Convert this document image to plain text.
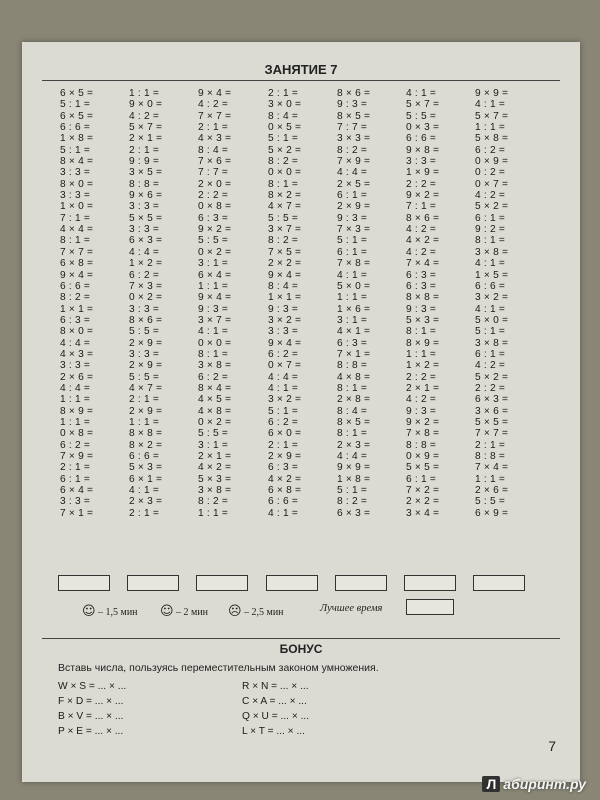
ЗАНЯТИЕ 7
6 × 5 =
5 : 1 =
6 × 5 =
6 : 6 =
1 × 8 =
5 : 1 =
8 × 4 =
3 : 3 =
8 × 0 =
3 : 3 =
1 × 0 =
7 : 1 =
4 × 4 =
8 : 1 =
7 × 7 =
6 × 8 =
9 × 4 =
6 : 6 =
8 : 2 =
1 × 1 =
6 : 3 =
8 × 0 =
4 : 4 =
4 × 3 =
3 : 3 =
2 × 6 =
4 : 4 =
1 : 1 =
8 × 9 =
1 : 1 =
0 × 8 =
6 : 2 =
7 × 9 =
2 : 1 =
6 : 1 =
6 × 4 =
3 : 3 =
7 × 1 =
1 : 1 =
9 × 0 =
4 : 2 =
5 × 7 =
2 × 1 =
2 : 1 =
9 : 9 =
3 × 5 =
8 : 8 =
9 × 6 =
3 : 3 =
5 × 5 =
3 : 3 =
6 × 3 =
4 : 4 =
1 × 2 =
6 : 2 =
7 × 3 =
0 × 2 =
3 : 3 =
8 × 6 =
5 : 5 =
2 × 9 =
3 : 3 =
2 × 9 =
5 : 5 =
4 × 7 =
2 : 1 =
2 × 9 =
1 : 1 =
8 × 8 =
8 × 2 =
6 : 6 =
5 × 3 =
6 × 1 =
4 : 1 =
2 × 3 =
2 : 1 =
9 × 4 =
4 : 2 =
7 × 7 =
2 : 1 =
4 × 3 =
8 : 4 =
7 × 6 =
7 : 7 =
2 × 0 =
2 : 2 =
0 × 8 =
6 : 3 =
9 × 2 =
5 : 5 =
0 × 2 =
3 : 1 =
6 × 4 =
1 : 1 =
9 × 4 =
9 : 3 =
3 × 7 =
4 : 1 =
0 × 0 =
8 : 1 =
3 × 8 =
6 : 2 =
8 × 4 =
4 × 5 =
4 × 8 =
0 × 2 =
5 : 5 =
3 : 1 =
2 × 1 =
4 × 2 =
5 × 3 =
3 × 8 =
8 : 2 =
1 : 1 =
2 : 1 =
3 × 0 =
8 : 4 =
0 × 5 =
5 : 1 =
5 × 2 =
8 : 2 =
0 × 0 =
8 : 1 =
8 × 2 =
4 × 7 =
5 : 5 =
3 × 7 =
8 : 2 =
7 × 5 =
2 × 2 =
9 × 4 =
8 : 4 =
1 × 1 =
9 : 3 =
3 × 2 =
3 : 3 =
9 × 4 =
6 : 2 =
0 × 7 =
4 : 4 =
4 : 1 =
3 × 2 =
5 : 1 =
6 : 2 =
6 × 0 =
2 : 1 =
2 × 9 =
6 : 3 =
4 × 2 =
6 × 8 =
6 : 6 =
4 : 1 =
8 × 6 =
9 : 3 =
8 × 5 =
7 : 7 =
3 × 3 =
8 : 2 =
7 × 9 =
4 : 4 =
2 × 5 =
6 : 1 =
2 × 9 =
9 : 3 =
7 × 3 =
5 : 1 =
6 : 1 =
7 × 8 =
4 : 1 =
5 × 0 =
1 : 1 =
1 × 6 =
3 : 1 =
4 × 1 =
6 : 3 =
7 × 1 =
8 : 8 =
4 × 8 =
8 : 1 =
2 × 8 =
8 : 4 =
8 × 5 =
8 : 1 =
2 × 3 =
4 : 4 =
9 × 9 =
1 × 8 =
5 : 1 =
8 : 2 =
6 × 3 =
4 : 1 =
5 × 7 =
5 : 5 =
0 × 3 =
6 : 6 =
9 × 8 =
3 : 3 =
1 × 9 =
2 : 2 =
9 × 2 =
7 : 1 =
8 × 6 =
4 : 2 =
4 × 2 =
4 : 2 =
7 × 4 =
6 : 3 =
6 : 3 =
8 × 8 =
9 : 3 =
5 × 3 =
8 : 1 =
8 × 9 =
1 : 1 =
1 × 2 =
2 : 2 =
2 × 1 =
4 : 2 =
9 : 3 =
9 × 2 =
7 × 8 =
8 : 8 =
0 × 9 =
5 × 5 =
6 : 1 =
7 × 2 =
2 × 2 =
3 × 4 =
9 × 9 =
4 : 1 =
5 × 7 =
1 : 1 =
5 × 8 =
6 : 2 =
0 × 9 =
0 : 2 =
0 × 7 =
4 : 2 =
5 × 2 =
6 : 1 =
9 : 2 =
8 : 1 =
3 × 8 =
4 : 1 =
1 × 5 =
6 : 6 =
3 × 2 =
4 : 1 =
5 × 0 =
5 : 1 =
3 × 8 =
6 : 1 =
4 : 2 =
5 × 2 =
2 : 2 =
6 × 3 =
3 × 6 =
5 × 5 =
7 × 7 =
2 : 1 =
8 : 8 =
7 × 4 =
1 : 1 =
2 × 6 =
5 : 5 =
6 × 9 =
☺ – 1,5 мин ☺ – 2 мин ☹ – 2,5 мин	Лучшее время
БОНУС
Вставь числа, пользуясь переместительным законом умножения.
W × S = ... × ...
F × D = ... × ...
B × V = ... × ...
P × E = ... × ...
R × N = ... × ...
C × A = ... × ...
Q × U = ... × ...
L × T = ... × ...
7
Л абиринт.ру
